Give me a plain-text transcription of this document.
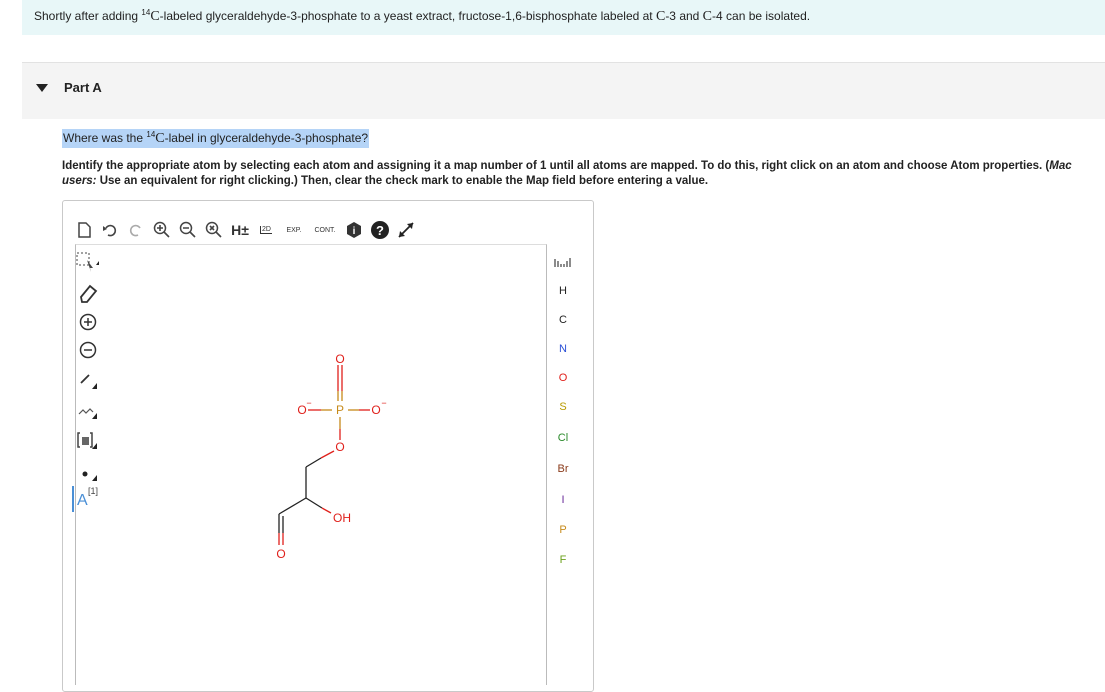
Shortly after adding $^{14}$C-labeled glyceraldehyde-3-phosphate to a yeast extract, fructose-1,6-bisphosphate labeled at C-3 and C-4 can be isolated.
Part A
Where was the $^{14}$C-label in glyceraldehyde-3-phosphate?
Identify the appropriate atom by selecting each atom and assigning it a map number of 1 until all atoms are mapped. To do this, right click on an atom and choose Atom properties. (Mac users: Use an equivalent for right clicking.) Then, clear the check mark to enable the Map field before entering a value.
H±	2D EXP. CONT. i ?
A
[1]
O
P
O −	O −
O
OH
O
H
C
N
O
S
Cl
Br
I
P
F
